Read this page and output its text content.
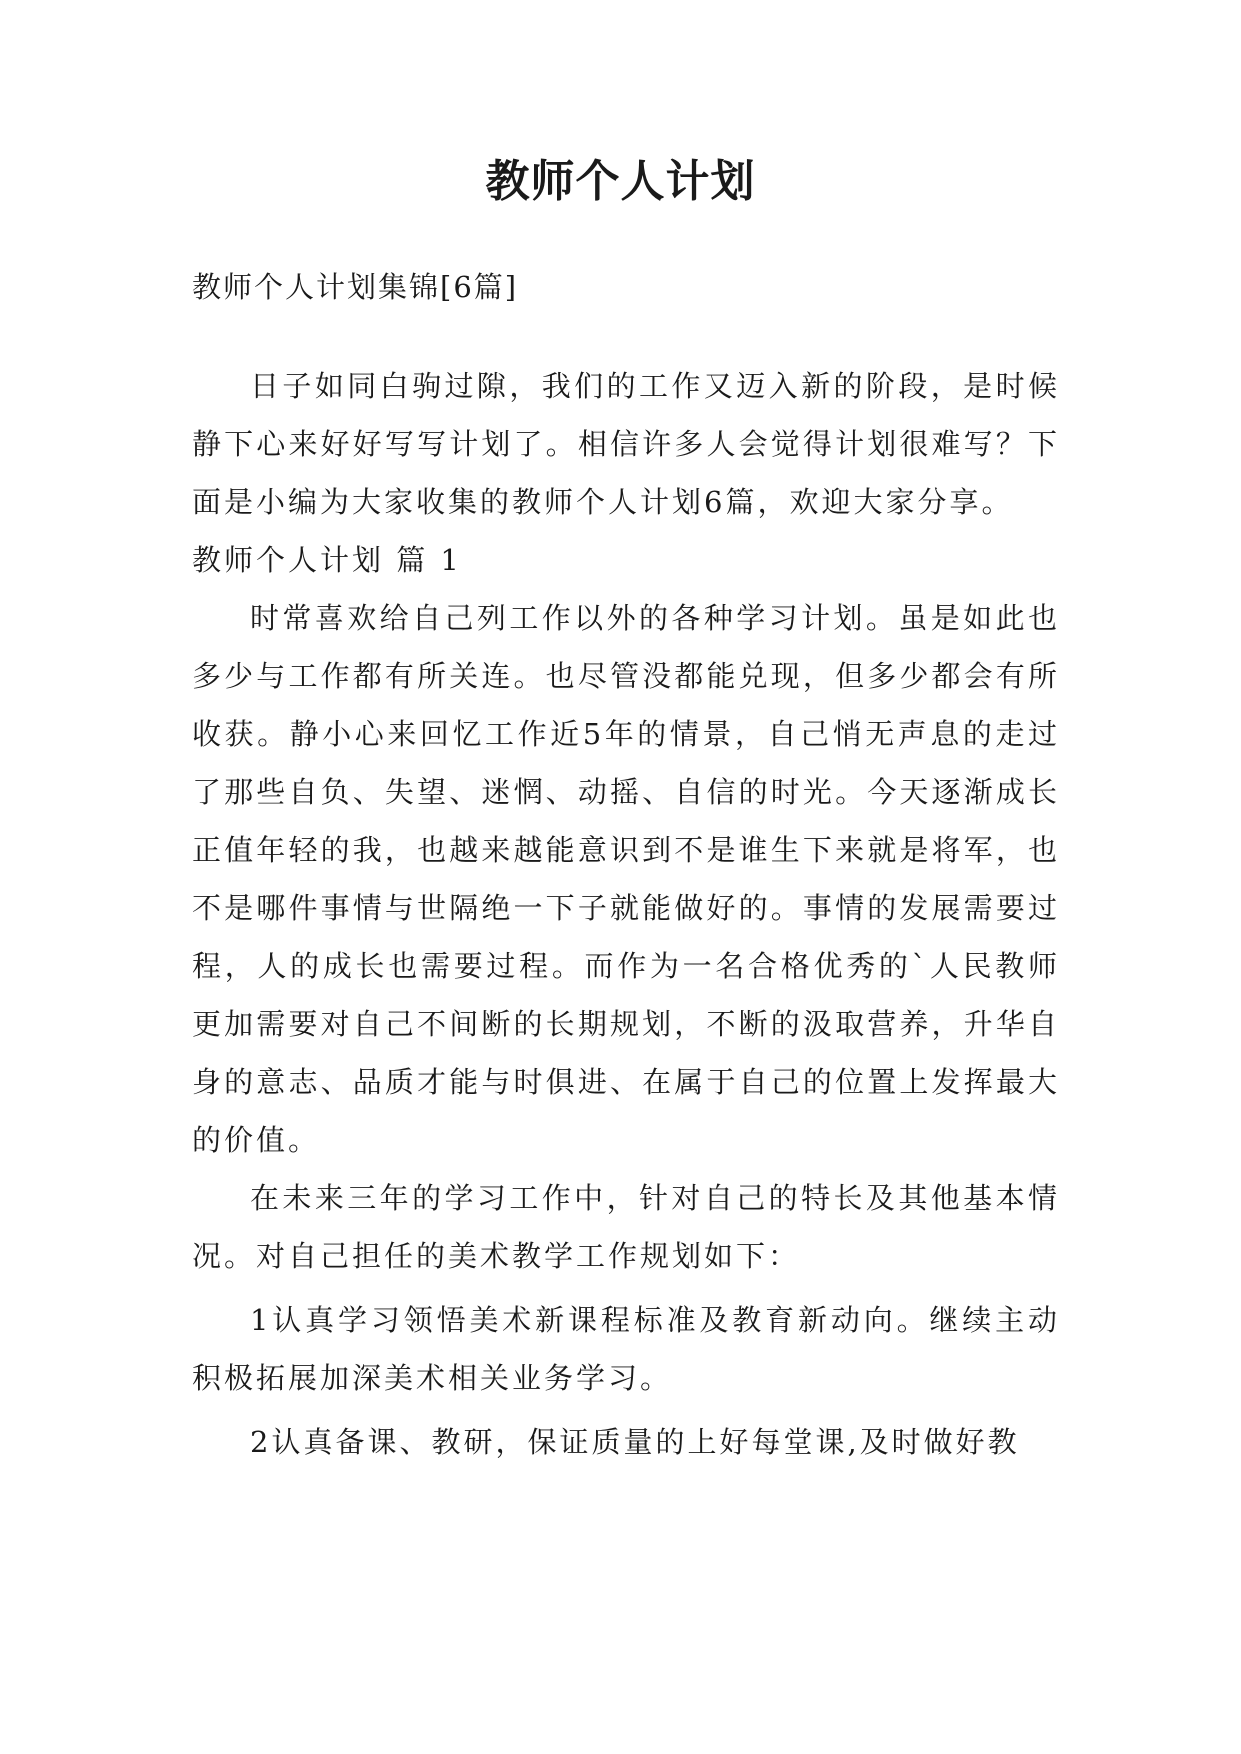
教师个人计划
教师个人计划集锦[6篇]

日子如同白驹过隙，我们的工作又迈入新的阶段，是时候静下心来好好写写计划了。相信许多人会觉得计划很难写？下面是小编为大家收集的教师个人计划6篇，欢迎大家分享。

教师个人计划 篇 1

时常喜欢给自己列工作以外的各种学习计划。虽是如此也多少与工作都有所关连。也尽管没都能兑现，但多少都会有所收获。静小心来回忆工作近5年的情景，自己悄无声息的走过了那些自负、失望、迷惘、动摇、自信的时光。今天逐渐成长正值年轻的我，也越来越能意识到不是谁生下来就是将军，也不是哪件事情与世隔绝一下子就能做好的。事情的发展需要过程，人的成长也需要过程。而作为一名合格优秀的`人民教师更加需要对自己不间断的长期规划，不断的汲取营养，升华自身的意志、品质才能与时俱进、在属于自己的位置上发挥最大的价值。

在未来三年的学习工作中，针对自己的特长及其他基本情况。对自己担任的美术教学工作规划如下：

1认真学习领悟美术新课程标准及教育新动向。继续主动积极拓展加深美术相关业务学习。

2认真备课、教研，保证质量的上好每堂课,及时做好教
